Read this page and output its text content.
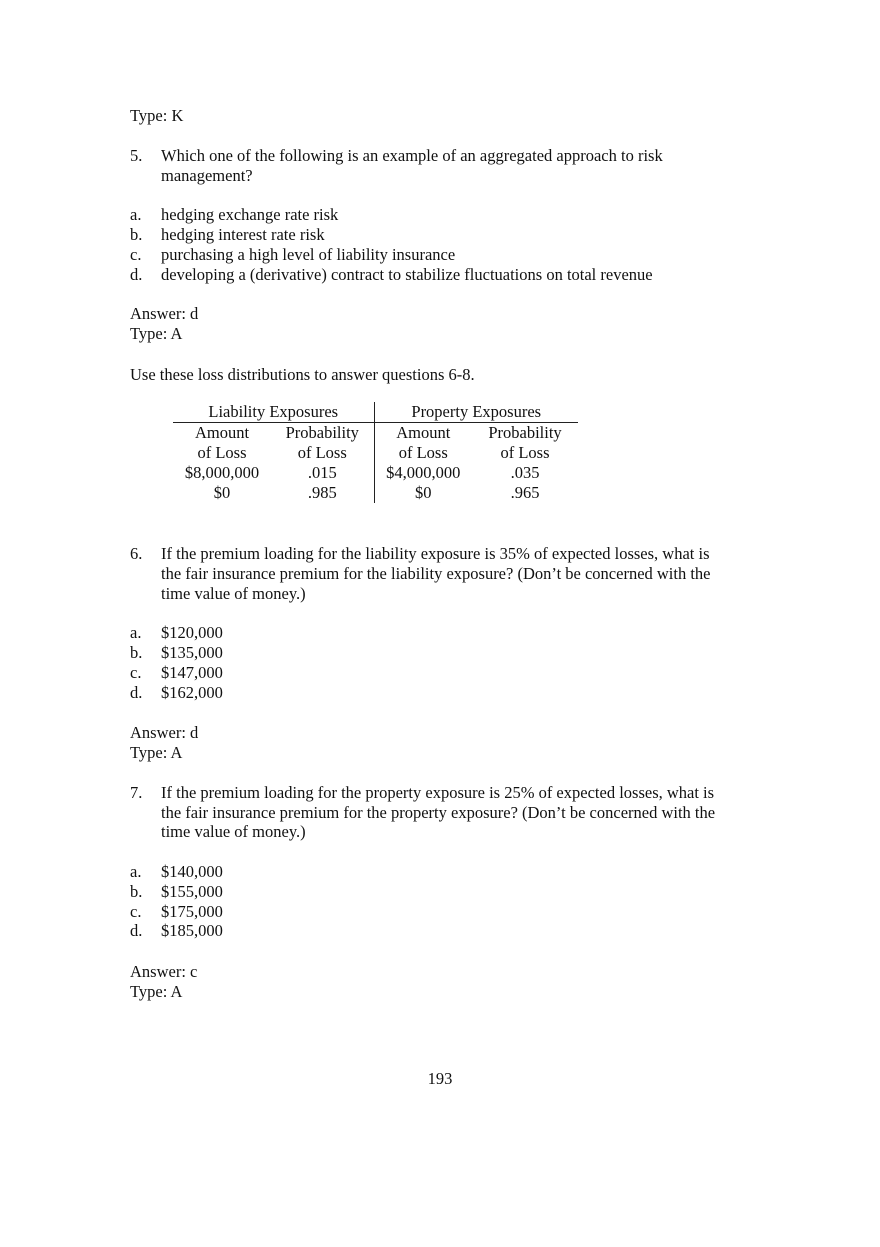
Type: K
5. Which one of the following is an example of an aggregated approach to risk
management?
a. hedging exchange rate risk
b. hedging interest rate risk
c. purchasing a high level of liability insurance
d. developing a (derivative) contract to stabilize fluctuations on total revenue
Answer: d
Type: A
Use these loss distributions to answer questions 6-8.
Liability Exposures		Property Exposures	
Amount	Probability	Amount	Probability
of Loss	of Loss	of Loss	of Loss
$8,000,000	.015	$4,000,000	.035
$0	.985	$0	.965
6. If the premium loading for the liability exposure is 35% of expected losses, what is
the fair insurance premium for the liability exposure? (Don’t be concerned with the
time value of money.)
a. $120,000
b. $135,000
c. $147,000
d. $162,000
Answer: d
Type: A
7. If the premium loading for the property exposure is 25% of expected losses, what is
the fair insurance premium for the property exposure? (Don’t be concerned with the
time value of money.)
a. $140,000
b. $155,000
c. $175,000
d. $185,000
Answer: c
Type: A
193
